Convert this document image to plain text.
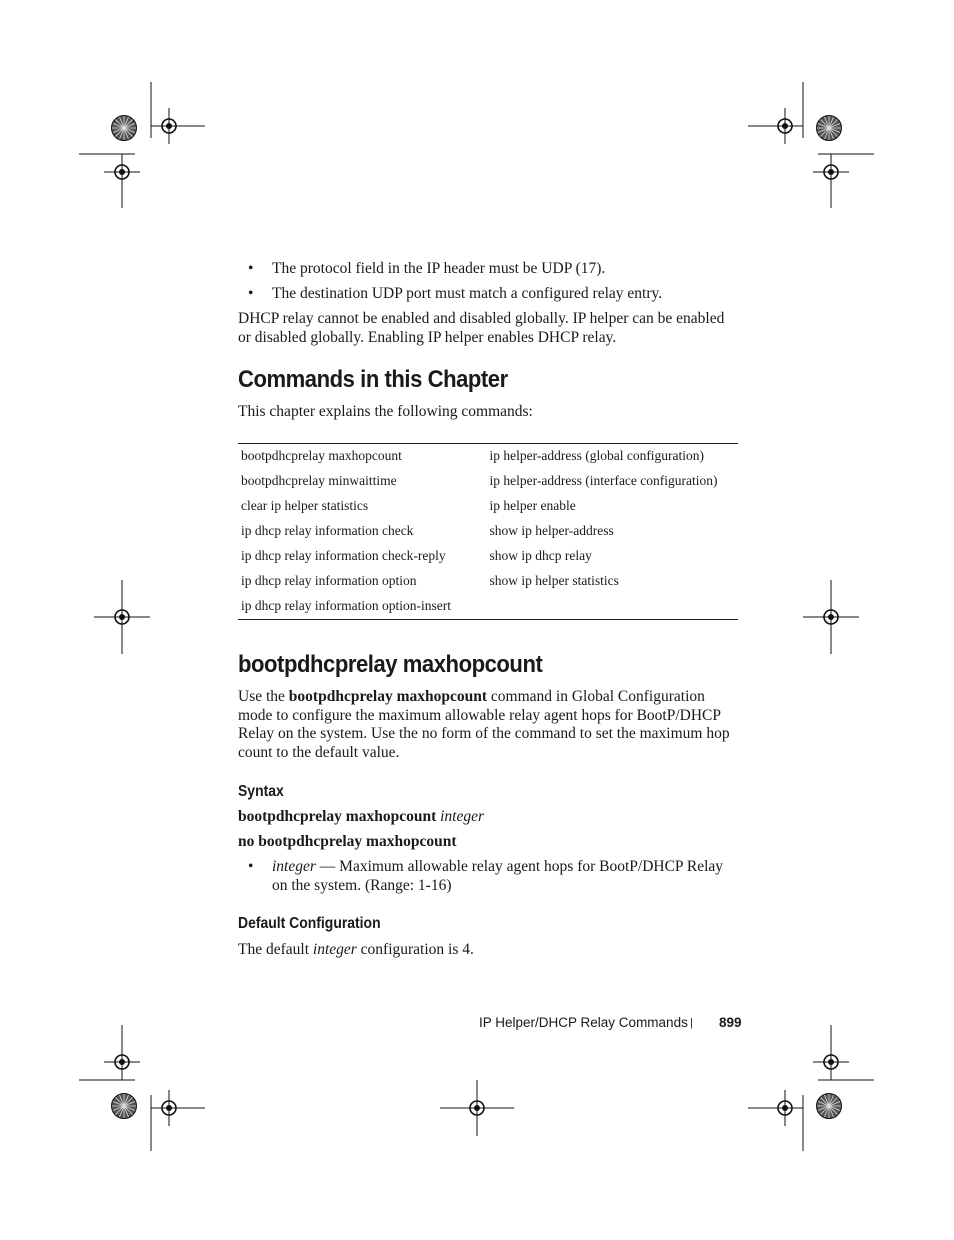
• The protocol field in the IP header must be UDP (17).
• The destination UDP port must match a configured relay entry.

DHCP relay cannot be enabled and disabled globally. IP helper can be enabled or disabled globally. Enabling IP helper enables DHCP relay.

Commands in this Chapter

This chapter explains the following commands:

bootpdhcprelay maxhopcount	ip helper-address (global configuration)
bootpdhcprelay minwaittime	ip helper-address (interface configuration)
clear ip helper statistics	ip helper enable
ip dhcp relay information check	show ip helper-address
ip dhcp relay information check-reply	show ip dhcp relay
ip dhcp relay information option	show ip helper statistics
ip dhcp relay information option-insert
bootpdhcprelay maxhopcount

Use the bootpdhcprelay maxhopcount command in Global Configuration mode to configure the maximum allowable relay agent hops for BootP/DHCP Relay on the system. Use the no form of the command to set the maximum hop count to the default value.

Syntax

bootpdhcprelay maxhopcount integer

no bootpdhcprelay maxhopcount

• integer — Maximum allowable relay agent hops for BootP/DHCP Relay on the system. (Range: 1-16)
Default Configuration

The default integer configuration is 4.

IP Helper/DHCP Relay Commands | 899
